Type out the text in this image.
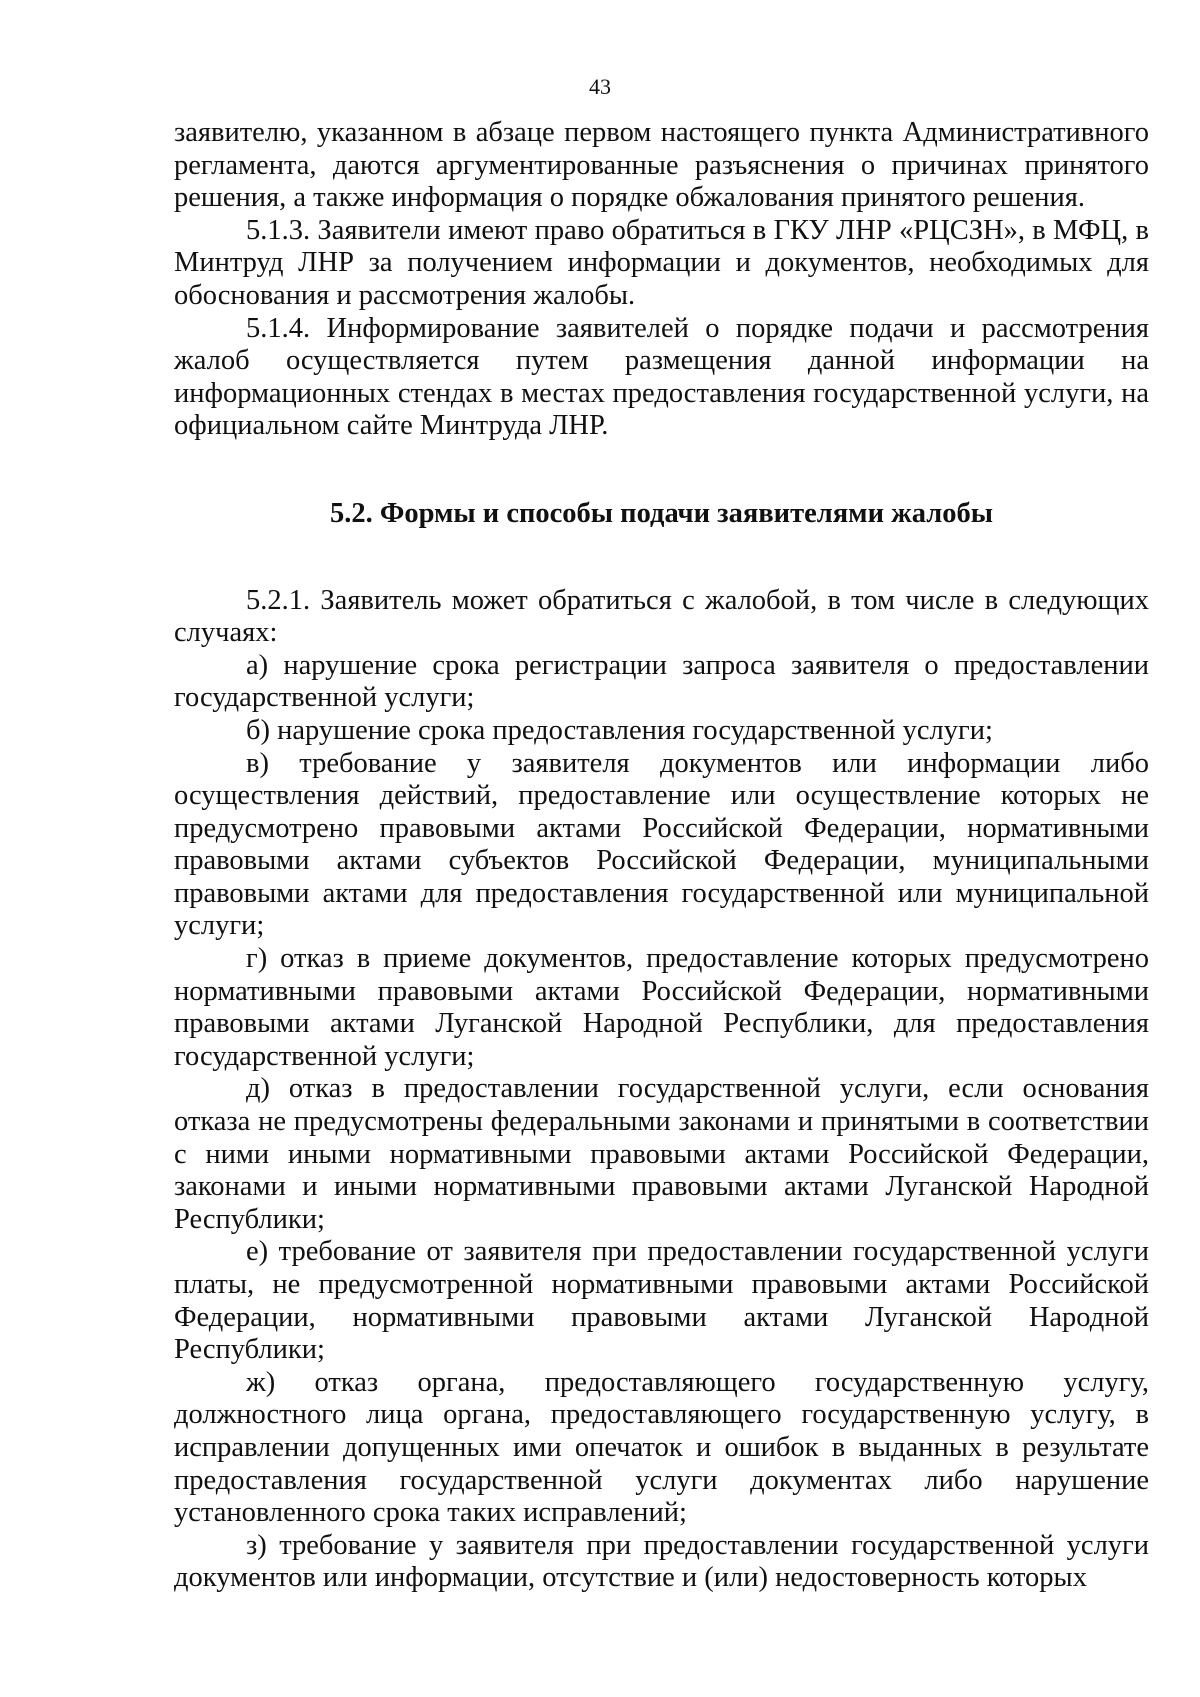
43

заявителю, указанном в абзаце первом настоящего пункта Административного регламента, даются аргументированные разъяснения о причинах принятого решения, а также информация о порядке обжалования принятого решения.

5.1.3. Заявители имеют право обратиться в ГКУ ЛНР «РЦСЗН», в МФЦ, в Минтруд ЛНР за получением информации и документов, необходимых для обоснования и рассмотрения жалобы.

5.1.4. Информирование заявителей о порядке подачи и рассмотрения жалоб осуществляется путем размещения данной информации на информационных стендах в местах предоставления государственной услуги, на официальном сайте Минтруда ЛНР.

5.2. Формы и способы подачи заявителями жалобы

5.2.1. Заявитель может обратиться с жалобой, в том числе в следующих случаях:

а) нарушение срока регистрации запроса заявителя о предоставлении государственной услуги;

б) нарушение срока предоставления государственной услуги;

в) требование у заявителя документов или информации либо осуществления действий, предоставление или осуществление которых не предусмотрено правовыми актами Российской Федерации, нормативными правовыми актами субъектов Российской Федерации, муниципальными правовыми актами для предоставления государственной или муниципальной услуги;

г) отказ в приеме документов, предоставление которых предусмотрено нормативными правовыми актами Российской Федерации, нормативными правовыми актами Луганской Народной Республики, для предоставления государственной услуги;

д) отказ в предоставлении государственной услуги, если основания отказа не предусмотрены федеральными законами и принятыми в соответствии с ними иными нормативными правовыми актами Российской Федерации, законами и иными нормативными правовыми актами Луганской Народной Республики;

е) требование от заявителя при предоставлении государственной услуги платы, не предусмотренной нормативными правовыми актами Российской Федерации, нормативными правовыми актами Луганской Народной Республики;

ж) отказ органа, предоставляющего государственную услугу, должностного лица органа, предоставляющего государственную услугу, в исправлении допущенных ими опечаток и ошибок в выданных в результате предоставления государственной услуги документах либо нарушение установленного срока таких исправлений;

з) требование у заявителя при предоставлении государственной услуги документов или информации, отсутствие и (или) недостоверность которых
